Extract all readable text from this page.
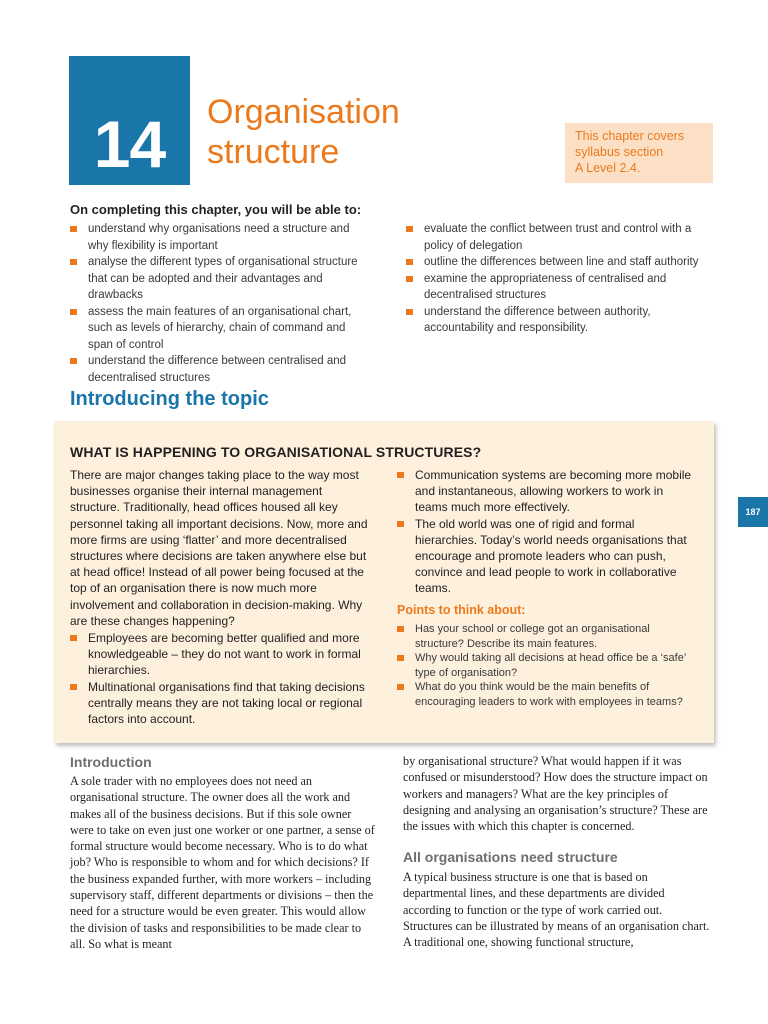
14	Organisation
structure	This chapter covers
syllabus section
A Level 2.4.
On completing this chapter, you will be able to:
understand why organisations need a structure and why flexibility is important
analyse the different types of organisational structure that can be adopted and their advantages and drawbacks
assess the main features of an organisational chart, such as levels of hierarchy, chain of command and span of control
understand the difference between centralised and decentralised structures
evaluate the conflict between trust and control with a policy of delegation
outline the differences between line and staff authority
examine the appropriateness of centralised and decentralised structures
understand the difference between authority, accountability and responsibility.
Introducing the topic
WHAT IS HAPPENING TO ORGANISATIONAL STRUCTURES?

There are major changes taking place to the way most businesses organise their internal management structure. Traditionally, head offices housed all key personnel taking all important decisions. Now, more and more firms are using ‘flatter’ and more decentralised structures where decisions are taken anywhere else but at head office! Instead of all power being focused at the top of an organisation there is now much more involvement and collaboration in decision-making. Why are these changes happening?

Employees are becoming better qualified and more knowledgeable – they do not want to work in formal hierarchies.
Multinational organisations find that taking decisions centrally means they are not taking local or regional factors into account.
Communication systems are becoming more mobile and instantaneous, allowing workers to work in teams much more effectively.
The old world was one of rigid and formal hierarchies. Today’s world needs organisations that encourage and promote leaders who can push, convince and lead people to work in collaborative teams.
Points to think about:
Has your school or college got an organisational structure? Describe its main features.
Why would taking all decisions at head office be a ‘safe’ type of organisation?
What do you think would be the main benefits of encouraging leaders to work with employees in teams?
187
Introduction

A sole trader with no employees does not need an organisational structure. The owner does all the work and makes all of the business decisions. But if this sole owner were to take on even just one worker or one partner, a sense of formal structure would become necessary. Who is to do what job? Who is responsible to whom and for which decisions? If the business expanded further, with more workers – including supervisory staff, different departments or divisions – then the need for a structure would be even greater. This would allow the division of tasks and responsibilities to be made clear to all. So what is meant

by organisational structure? What would happen if it was confused or misunderstood? How does the structure impact on workers and managers? What are the key principles of designing and analysing an organisation’s structure? These are the issues with which this chapter is concerned.

All organisations need structure

A typical business structure is one that is based on departmental lines, and these departments are divided according to function or the type of work carried out. Structures can be illustrated by means of an organisation chart. A traditional one, showing functional structure,
